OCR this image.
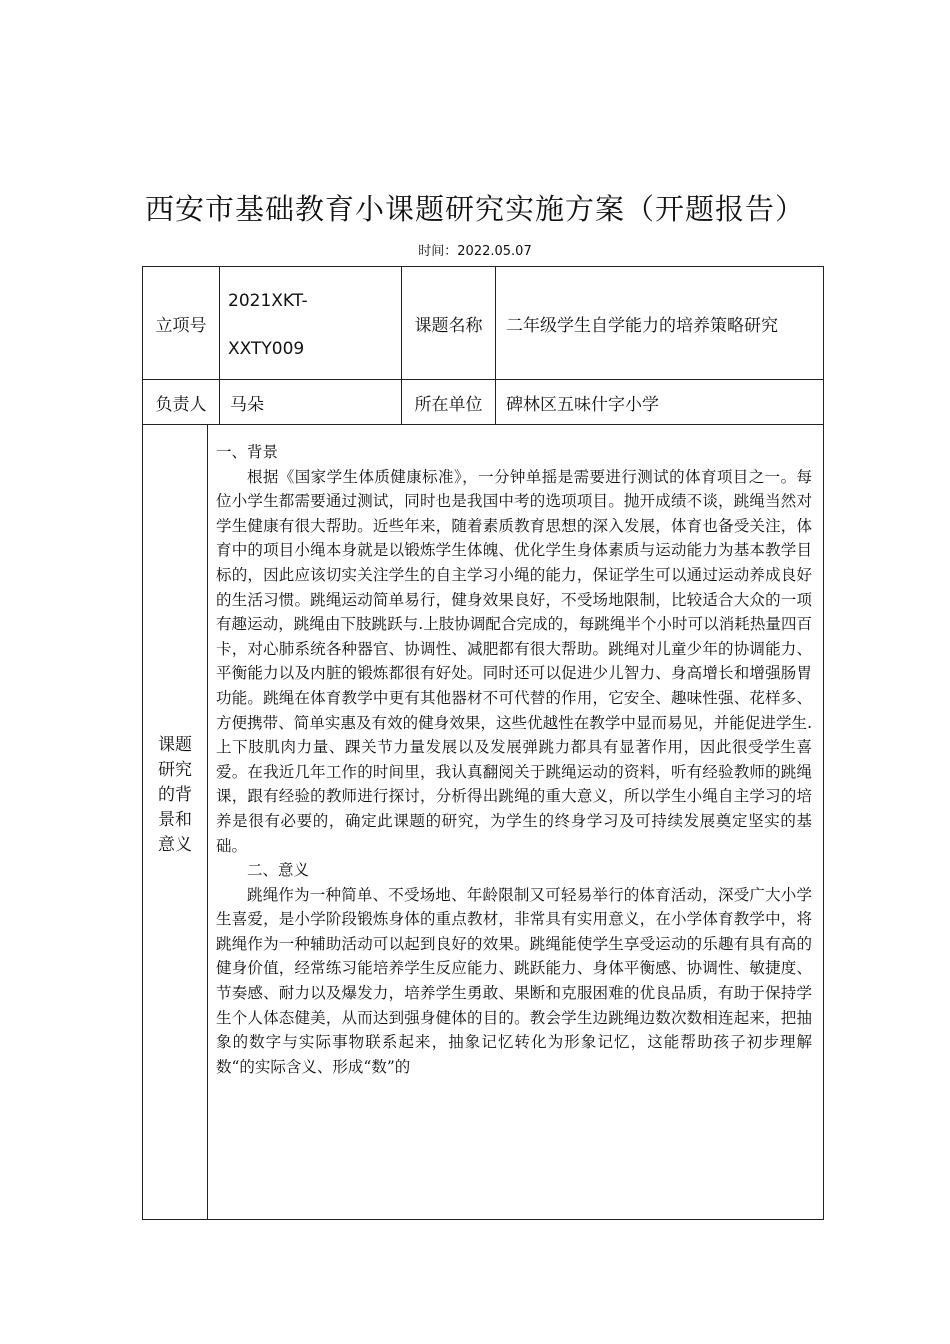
西安市基础教育小课题研究实施方案（开题报告）
时间：2022.05.07
立项号
2021XKT-
XXTY009
课题名称 二年级学生自学能力的培养策略研究
负责人 马朵	所在单位 碑林区五味什字小学
课题研究的背景和意义

一、背景

根据《国家学生体质健康标准》，一分钟单摇是需要进行测试的体育项目之一。每位小学生都需要通过测试，同时也是我国中考的选项项目。抛开成绩不谈，跳绳当然对学生健康有很大帮助。近些年来，随着素质教育思想的深入发展，体育也备受关注，体育中的项目小绳本身就是以锻炼学生体魄、优化学生身体素质与运动能力为基本教学目标的，因此应该切实关注学生的自主学习小绳的能力，保证学生可以通过运动养成良好的生活习惯。跳绳运动简单易行，健身效果良好，不受场地限制，比较适合大众的一项有趣运动，跳绳由下肢跳跃与.上肢协调配合完成的，每跳绳半个小时可以消耗热量四百卡，对心肺系统各种器官、协调性、减肥都有很大帮助。跳绳对儿童少年的协调能力、平衡能力以及内脏的锻炼都很有好处。同时还可以促进少儿智力、身高增长和增强肠胃功能。跳绳在体育教学中更有其他器材不可代替的作用，它安全、趣味性强、花样多、方便携带、简单实惠及有效的健身效果，这些优越性在教学中显而易见，并能促进学生.上下肢肌肉力量、踝关节力量发展以及发展弹跳力都具有显著作用，因此很受学生喜爱。在我近几年工作的时间里，我认真翻阅关于跳绳运动的资料，听有经验教师的跳绳课，跟有经验的教师进行探讨，分析得出跳绳的重大意义，所以学生小绳自主学习的培养是很有必要的，确定此课题的研究，为学生的终身学习及可持续发展奠定坚实的基础。

二、意义

跳绳作为一种简单、不受场地、年龄限制又可轻易举行的体育活动，深受广大小学生喜爱，是小学阶段锻炼身体的重点教材，非常具有实用意义，在小学体育教学中，将跳绳作为一种辅助活动可以起到良好的效果。跳绳能使学生享受运动的乐趣有具有高的健身价值，经常练习能培养学生反应能力、跳跃能力、身体平衡感、协调性、敏捷度、节奏感、耐力以及爆发力，培养学生勇敢、果断和克服困难的优良品质，有助于保持学生个人体态健美，从而达到强身健体的目的。教会学生边跳绳边数次数相连起来，把抽象的数字与实际事物联系起来，抽象记忆转化为形象记忆，这能帮助孩子初步理解数“的实际含义、形成“数”的
